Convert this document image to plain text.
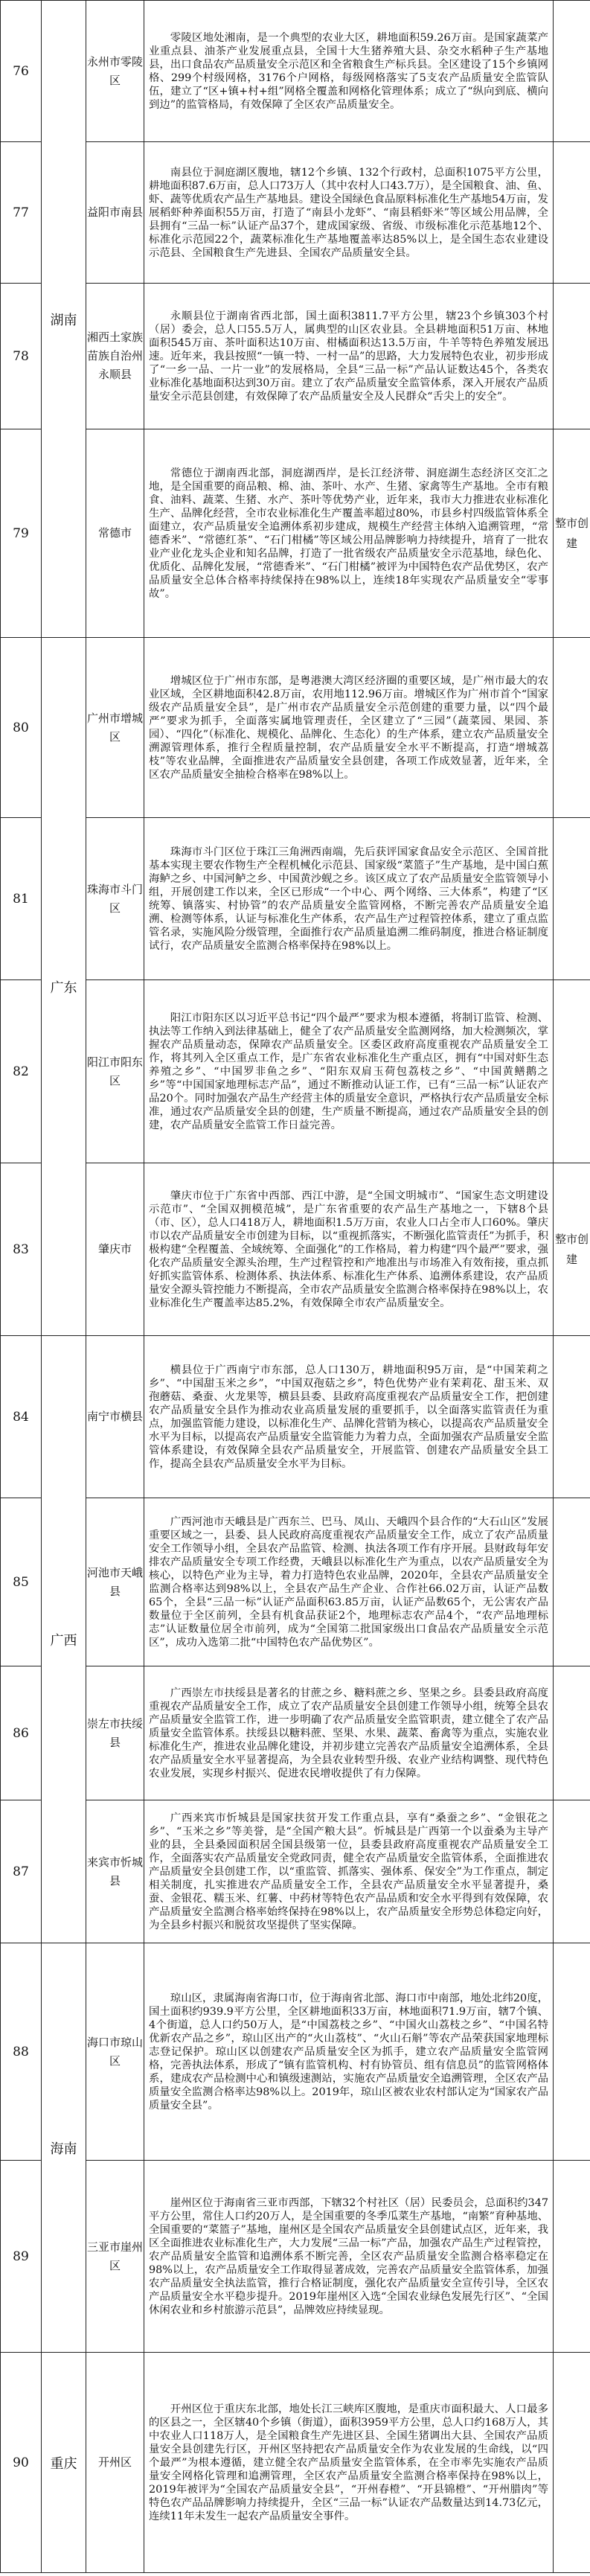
76	湖南	永州市零陵区	零陵区地处湘南，是一个典型的农业大区，耕地面积59.26万亩。是国家蔬菜产业重点县、油茶产业发展重点县，全国十大生猪养殖大县、杂交水稻种子生产基地县，出口食品农产品质量安全示范区和全省粮食生产标兵县。全区建设了15个乡镇网格、299个村级网格，3176个户网格，每级网格落实了5支农产品质量安全监管队伍，建立了“区+镇+村+组”网格全覆盖和网格化管理体系；成立了“纵向到底、横向到边”的监管格局，有效保障了全区农产品质量安全。	
77		益阳市南县	南县位于洞庭湖区腹地，辖12个乡镇、132个行政村，总面积1075平方公里，耕地面积87.6万亩，总人口73万人（其中农村人口43.7万），是全国粮食、油、鱼、虾、蔬等优质农产品生产基地县。建设全国绿色食品原料标准化生产基地54万亩，发展稻虾种养面积55万亩，打造了“南县小龙虾”、“南县稻虾米”等区域公用品牌，全县拥有“三品一标”认证产品37个，建成国家级、省级、市级标准化示范基地12个、标准化示范园22个，蔬菜标准化生产基地覆盖率达85%以上，是全国生态农业建设示范县、全国粮食生产先进县、全国农产品质量安全县。	
78		湘西土家族苗族自治州永顺县	永顺县位于湖南省西北部，国土面积3811.7平方公里，辖23个乡镇303个村（居）委会，总人口55.5万人，属典型的山区农业县。全县耕地面积51万亩、林地面积545万亩、茶叶面积达10万亩、柑橘面积达13.5万亩，牛羊等特色养殖发展迅速。近年来，我县按照“一镇一特、一村一品”的思路，大力发展特色农业，初步形成了“一乡一品、一片一业”的发展格局，全县“三品一标”产品认证数达45个，各类农业标准化基地面积达到30万亩。建立了农产品质量安全监管体系，深入开展农产品质量安全示范县创建，有效保障了农产品质量安全及人民群众“舌尖上的安全”。	
79		常德市	常德位于湖南西北部，洞庭湖西岸，是长江经济带、洞庭湖生态经济区交汇之地，是全国重要的商品粮、棉、油、茶叶、水产、生猪、家禽等生产基地。全市有粮食、油料、蔬菜、生猪、水产、茶叶等优势产业，近年来，我市大力推进农业标准化生产、品牌化经营，全市农业标准化生产覆盖率超过80%，市县乡村四级监管体系全面建立，农产品质量安全追溯体系初步建成，规模生产经营主体纳入追溯管理，“常德香米”、“常德红茶”、“石门柑橘”等区域公用品牌影响力持续提升，培育了一批农业产业化龙头企业和知名品牌，打造了一批省级农产品质量安全示范基地，绿色化、优质化、品牌化发展，“常德香米”、“石门柑橘”被评为中国特色农产品优势区，农产品质量安全总体合格率持续保持在98%以上，连续18年实现农产品质量安全“零事故”。	整市创建
80	广东	广州市增城区	增城区位于广州市东部，是粤港澳大湾区经济圈的重要区域，是广州市最大的农业区域，全区耕地面积42.8万亩，农用地112.96万亩。增城区作为广州市首个“国家级农产品质量安全县”，是广州市农产品质量安全示范创建的重要力量，以“四个最严”要求为抓手，全面落实属地管理责任，全区建立了“三园”（蔬菜园、果园、茶园）、“四化”（标准化、规模化、品牌化、生态化）的生产体系，建立农产品质量安全溯源管理体系，推行全程质量控制，农产品质量安全水平不断提高，打造“增城荔枝”等农业品牌，全面推进农产品质量安全县创建，各项工作成效显著，近年来，全区农产品质量安全抽检合格率在98%以上。	
81		珠海市斗门区	珠海市斗门区位于珠江三角洲西南端，先后获评国家食品安全示范区、全国首批基本实现主要农作物生产全程机械化示范县、国家级“菜篮子”生产基地，是中国白蕉海鲈之乡、中国河鲈之乡、中国黄沙蚬之乡。该区成立了农产品质量安全监管领导小组，开展创建工作以来，全区已形成“一个中心、两个网络、三大体系”，构建了“区统筹、镇落实、村协管”的农产品质量安全监管网格，不断完善农产品质量安全追溯、检测等体系，认证与标准化生产体系，农产品生产过程管控体系，建立了重点监管名录，实施风险分级管理，全面推行农产品质量追溯二维码制度，推进合格证制度试行，农产品质量安全监测合格率保持在98%以上。	
82		阳江市阳东区	阳江市阳东区以习近平总书记“四个最严”要求为根本遵循，将制订监管、检测、执法等工作纳入到法律基础上，健全了农产品质量安全监测网络，加大检测频次，掌握农产品质量动态，保障农产品质量安全。区委区政府高度重视农产品质量安全工作，将其列入全区重点工作，是广东省农业标准化生产重点区，拥有“中国对虾生态养殖之乡”、“中国罗非鱼之乡”、“阳东双肩玉荷包荔枝之乡”、“中国黄鳝鹅之乡”等“中国国家地理标志产品”，通过不断推动认证工作，已有“三品一标”认证农产品20个。同时加强农产品生产经营主体的质量安全意识，严格执行农产品质量安全标准，通过农产品质量安全县的创建，生产质量不断提高，通过农产品质量安全县的创建，农产品质量安全监管工作日益完善。	
83		肇庆市	肇庆市位于广东省中西部、西江中游，是“全国文明城市”、“国家生态文明建设示范市”、“全国双拥模范城”，是广东省重要的农产品生产基地之一，下辖8个县（市、区），总人口418万人，耕地面积1.5万万亩，农业人口占全市人口60%。肇庆市以农产品质量安全市创建为目标，以“重视抓落实，不断强化监管责任”为抓手，积极构建“全程覆盖、全域统筹、全面强化”的工作格局，着力构建“四个最严”要求，强化农产品质量安全源头治理，生产过程管控和产地准出与市场准入有效衔接，重点抓好抓实监管体系、检测体系、执法体系、标准化生产体系、追溯体系建设，农产品质量安全源头管控能力不断提高，全市农产品质量安全监测合格率保持在98%以上，农业标准化生产覆盖率达85.2%，有效保障全市农产品质量安全。	整市创建
84	广西	南宁市横县	横县位于广西南宁市东部，总人口130万，耕地面积95万亩，是“中国茉莉之乡”、“中国甜玉米之乡”，“中国双孢菇之乡”，特色优势产业有茉莉花、甜玉米、双孢蘑菇、桑蚕、火龙果等，横县县委、县政府高度重视农产品质量安全工作，把创建农产品质量安全县作为推动农业高质量发展的重要抓手，以全面落实监管责任为重点，加强监管能力建设，以标准化生产、品牌化营销为核心，以提高农产品质量安全水平为目标，以提高农产品质量安全监管能力为着力点，全面加强农产品质量安全监管体系建设，有效保障全县农产品质量安全，开展监管、创建农产品质量安全县工作，提高全县农产品质量安全水平为目标。	
85		河池市天峨县	广西河池市天峨县是广西东兰、巴马、凤山、天峨四个县合作的“大石山区”发展重要区域之一，县委、县人民政府高度重视农产品质量安全工作，成立了农产品质量安全工作领导小组，全县农产品监管、检测、执法各项工作有序开展。县财政每年安排农产品质量安全专项工作经费，天峨县以标准化生产为重点，以农产品质量安全为核心，以特色产业为主导，着力打造特色农业品牌，2020年，全县农产品质量安全监测合格率达到98%以上，全县农产品生产企业、合作社66.02万亩，认证产品数65个，全县“三品一标”认证产品面积63.85万亩，认证产品数65个，无公害农产品数量位于全区前列，全县有机食品获证2个，地理标志农产品4个，“农产品地理标志”认证数量位居全市前列，成为“全国第二批国家级出口食品农产品质量安全示范区”，成功入选第二批“中国特色农产品优势区”。	
86		崇左市扶绥县	广西崇左市扶绥县是著名的甘蔗之乡、糖料蔗之乡、坚果之乡。县委县政府高度重视农产品质量安全工作，成立了农产品质量安全县创建工作领导小组，统筹全县农产品质量安全监管工作，进一步明确了农产品质量安全监管职责，建立健全了农产品质量安全监管体系。扶绥县以糖料蔗、坚果、水果、蔬菜、畜禽等为重点，实施农业标准化生产，推进农业品牌化建设，并初步建立完善农产品质量安全追溯体系，全县农产品质量安全水平显著提高，为全县农业转型升级、农业产业结构调整、现代特色农业发展，实现乡村振兴、促进农民增收提供了有力保障。	
87		来宾市忻城县	广西来宾市忻城县是国家扶贫开发工作重点县，享有“桑蚕之乡”、“金银花之乡”、“玉米之乡”等美誉，是“全国产粮大县”。忻城县是广西第一个以蚕桑为主导产业的县，全县桑园面积居全国县级第一位，县委县政府高度重视农产品质量安全工作，全面落实农产品质量安全党政同责，健全农产品质量安全监管体系，全面推进农产品质量安全县创建工作，以“重监管、抓落实、强体系、保安全”为工作重点，制定相关制度，扎实推进农产品质量安全工作，全县农产品质量安全水平显著提升，桑蚕、金银花、糯玉米、红薯、中药材等特色农产品品质和安全水平得到有效保障，农产品质量安全监测合格率始终保持在98%以上，农产品质量安全形势总体稳定向好，为全县乡村振兴和脱贫攻坚提供了坚实保障。	
88	海南	海口市琼山区	琼山区，隶属海南省海口市，位于海南省北部、海口市中南部，地处北纬20度，国土面积约939.9平方公里，全区耕地面积33万亩，林地面积71.9万亩，辖7个镇、4个街道，总人口约50万人，是“中国荔枝之乡”、“中国火山荔枝之乡”、“中国名特优新农产品之乡”，琼山区出产的“火山荔枝”、“火山石斛”等农产品荣获国家地理标志登记保护。琼山区以创建农产品质量安全区为抓手，建立农产品质量安全监管网格，完善执法体系，形成了“镇有监管机构、村有协管员、组有信息员”的监管网格体系，建成农产品检测中心和镇级速测站，实施农产品质量安全追溯管理，全区农产品质量安全监测合格率达98%以上。2019年，琼山区被农业农村部认定为“国家农产品质量安全县”。	
89		三亚市崖州区	崖州区位于海南省三亚市西部，下辖32个村社区（居）民委员会，总面积约347平方公里，常住人口约20万人，是全国重要的冬季瓜菜生产基地，“南繁”育种基地、全国重要的“菜篮子”基地，崖州区是全国农产品质量安全县创建试点区，近年来，我区全面推进农业标准化生产，大力发展“三品一标”产品，加强农产品生产过程管控，农产品质量安全监管和追溯体系不断完善，全区农产品质量安全监测合格率稳定在98%以上，农产品质量安全工作取得显著成效，完善农产品质量安全监管体系，加强农产品质量安全执法监管，推行合格证制度，强化农产品质量安全宣传引导，全区农产品质量安全水平稳步提升。2019年崖州区入选“全国农业绿色发展先行区”、“全国休闲农业和乡村旅游示范县”，品牌效应持续显现。	
90	重庆	开州区	开州区位于重庆东北部，地处长江三峡库区腹地，是重庆市面积最大、人口最多的区县之一，全区辖40个乡镇（街道），面积3959平方公里，总人口约168万人，其中农业人口118万人，是全国粮食生产先进区县、全国生猪调出大县、全国农产品质量安全县创建先行区，开州区坚持把农产品质量安全作为农业发展的生命线，以“四个最严”为根本遵循，建立健全农产品质量安全监管体系，在全市率先实施农产品质量安全网格化管理和追溯管理，全区农产品质量安全监测合格率保持在98%以上，2019年被评为“全国农产品质量安全县”，“开州春橙”、“开县锦橙”、“开州腊肉”等特色农产品品牌影响力持续提升，全区“三品一标”认证农产品数量达到14.73亿元，连续11年未发生一起农产品质量安全事件。	
